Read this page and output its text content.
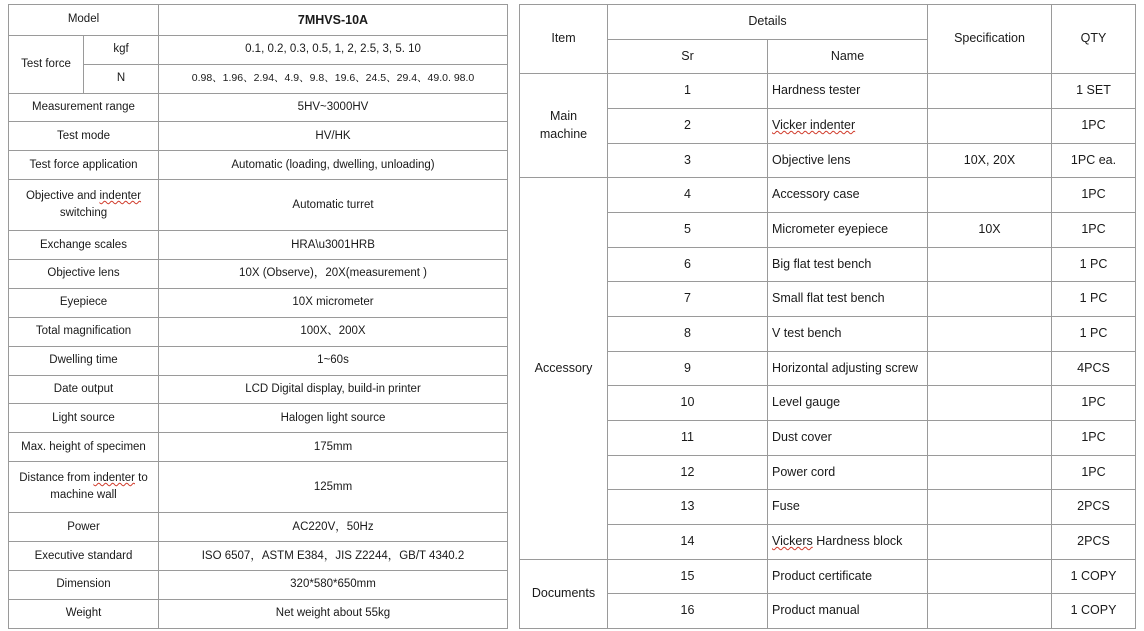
Model		7MHVS-10A
Test force	kgf	0.1, 0.2, 0.3, 0.5, 1, 2, 2.5, 3, 5. 10
	N	0.98、1.96、2.94、4.9、9.8、19.6、24.5、29.4、49.0. 98.0
Measurement range		5HV~3000HV
Test mode		HV/HK
Test force application		Automatic (loading, dwelling, unloading)

Objective and indenter
switching		Automatic turret
Exchange scales		HRA\u3001HRB

Objective lens		10X (Observe)，20X(measurement )
Eyepiece		10X micrometer
Total magnification		100X、200X
Dwelling time		1~60s
Date output		LCD Digital display, build-in printer
Light source		Halogen light source
Max. height of specimen		175mm

Distance from indenter to
machine wall		125mm
Power		AC220V，50Hz
Executive standard		ISO 6507，ASTM E384，JIS Z2244，GB/T 4340.2
Dimension		320*580*650mm
Weight		Net weight about 55kg
Item	Details		Specification	QTY
	Sr	Name		

Main
machine	1	Hardness tester		1 SET
	2	Vicker indenter		1PC
	3	Objective lens	10X, 20X	1PC ea.
Accessory	4	Accessory case		1PC
	5	Micrometer eyepiece	10X	1PC
	6	Big flat test bench		1 PC
	7	Small flat test bench		1 PC
	8	V test bench		1 PC
	9	Horizontal adjusting screw		4PCS
	10	Level gauge		1PC
	11	Dust cover		1PC
	12	Power cord		1PC
	13	Fuse		2PCS
	14	Vickers Hardness block		2PCS
Documents	15	Product certificate		1 COPY
	16	Product manual		1 COPY
